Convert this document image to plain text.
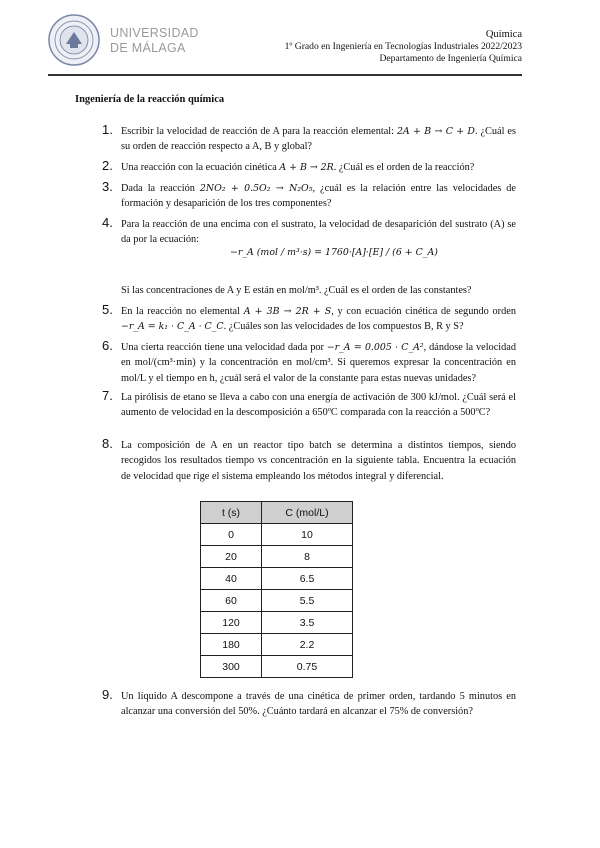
UNIVERSIDAD
DE MÁLAGA
Química
1º Grado en Ingeniería en Tecnologías Industriales 2022/2023
Departamento de Ingeniería Química
Ingeniería de la reacción química
1. Escribir la velocidad de reacción de A para la reacción elemental: 2A + B → C + D. ¿Cuál es su orden de reacción respecto a A, B y global?
2. Una reacción con la ecuación cinética A + B → 2R. ¿Cuál es el orden de la reacción?
3. Dada la reacción 2NO₂ + 0.5O₂ → N₂O₅, ¿cuál es la relación entre las velocidades de formación y desaparición de los tres componentes?
4. Para la reacción de una encima con el sustrato, la velocidad de desaparición del sustrato (A) se da por la ecuación:
−r_A (mol / m³·s) = 1760·[A]·[E] / (6 + C_A)
Si las concentraciones de A y E están en mol/m³. ¿Cuál es el orden de las constantes?
5. En la reacción no elemental A + 3B → 2R + S, y con ecuación cinética de segundo orden −r_A = k₁ · C_A · C_C. ¿Cuáles son las velocidades de los compuestos B, R y S?
6. Una cierta reacción tiene una velocidad dada por −r_A = 0.005 · C_A², dándose la velocidad en mol/(cm³·min) y la concentración en mol/cm³. Si queremos expresar la concentración en mol/L y el tiempo en h, ¿cuál será el valor de la constante para estas nuevas unidades?
7. La pirólisis de etano se lleva a cabo con una energía de activación de 300 kJ/mol. ¿Cuál será el aumento de velocidad en la descomposición a 650ºC comparada con la reacción a 500ºC?
8. La composición de A en un reactor tipo batch se determina a distintos tiempos, siendo recogidos los resultados tiempo vs concentración en la siguiente tabla. Encuentra la ecuación de velocidad que rige el sistema empleando los métodos integral y diferencial.
t (s)	C (mol/L)
0	10
20	8
40	6.5
60	5.5
120	3.5
180	2.2
300	0.75
9. Un líquido A descompone a través de una cinética de primer orden, tardando 5 minutos en alcanzar una conversión del 50%. ¿Cuánto tardará en alcanzar el 75% de conversión?
